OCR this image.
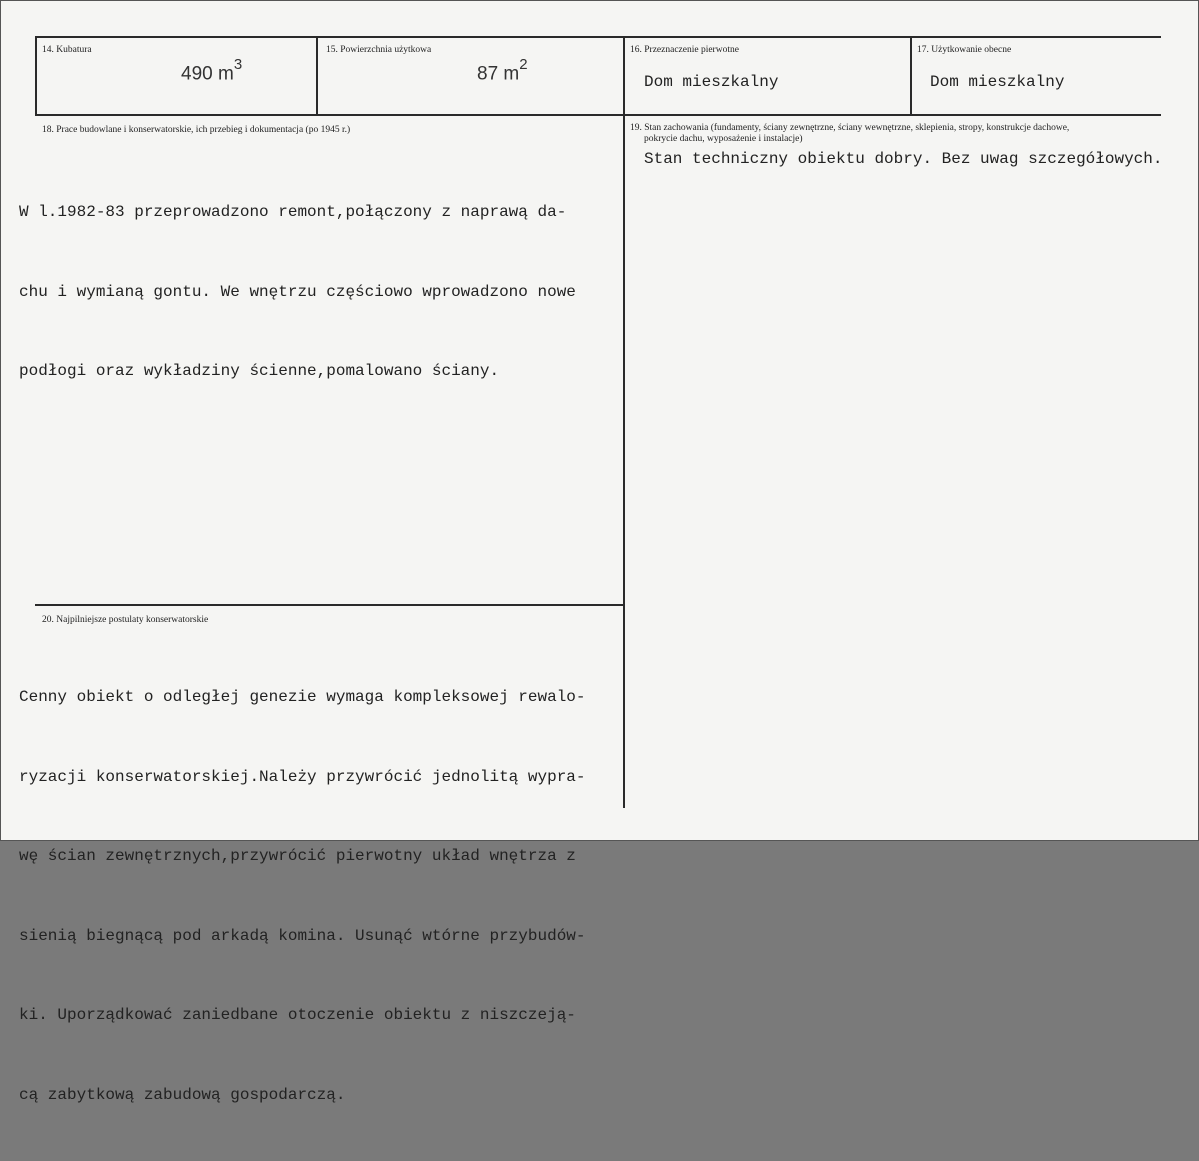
14. Kubatura
490 $m^3$
15. Powierzchnia użytkowa
87 $m^2$
16. Przeznaczenie pierwotne
Dom mieszkalny
17. Użytkowanie obecne
Dom mieszkalny
18. Prace budowlane i konserwatorskie, ich przebieg i dokumentacja (po 1945 r.)

W l.1982-83 przeprowadzono remont,połączony z naprawą da-

chu i wymianą gontu. We wnętrzu częściowo wprowadzono nowe

podłogi oraz wykładziny ścienne,pomalowano ściany.

19. Stan zachowania (fundamenty, ściany zewnętrzne, ściany wewnętrzne, sklepienia, stropy, konstrukcje dachowe,
pokrycie dachu, wyposażenie i instalacje)
Stan techniczny obiektu dobry. Bez uwag szczegółowych.
20. Najpilniejsze postulaty konserwatorskie

Cenny obiekt o odległej genezie wymaga kompleksowej rewalo-

ryzacji konserwatorskiej.Należy przywrócić jednolitą wypra-

wę ścian zewnętrznych,przywrócić pierwotny układ wnętrza z

sienią biegnącą pod arkadą komina. Usunąć wtórne przybudów-

ki. Uporządkować zaniedbane otoczenie obiektu z niszczeją-

cą zabytkową zabudową gospodarczą.
